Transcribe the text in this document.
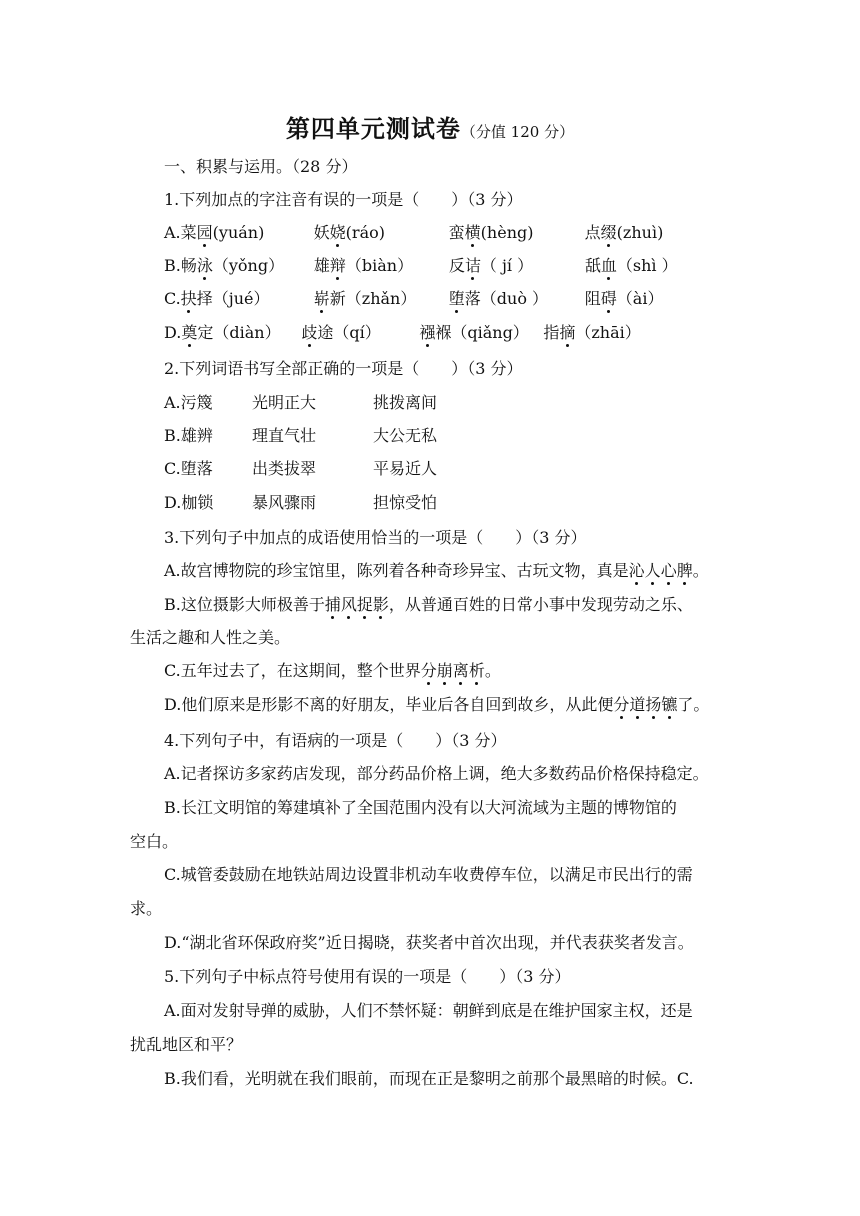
第四单元测试卷（分值 120 分）
一、积累与运用。（28 分）
1.下列加点的字注音有误的一项是（　　）（3 分）
A.菜园(yuán)	妖娆(ráo)	蛮横(hèng)	点缀(zhuì)
B.畅泳（yǒng） 雄辩（biàn） 反诘（ jí ）	舐血（shì ）
C.抉择（jué）	崭新（zhǎn） 堕落（duò ） 阻碍（ài）
D.奠定（diàn） 歧途（qí） 襁褓（qiǎng） 指摘（zhāi）
2.下列词语书写全部正确的一项是（　　）（3 分）
A.污篾 光明正大	挑拨离间
B.雄辨 理直气壮	大公无私
C.堕落 出类拔翠	平易近人
D.枷锁 暴风骤雨	担惊受怕
3.下列句子中加点的成语使用恰当的一项是（　　）（3 分）
A.故宫博物院的珍宝馆里，陈列着各种奇珍异宝、古玩文物，真是沁人心脾。
B.这位摄影大师极善于捕风捉影，从普通百姓的日常小事中发现劳动之乐、
生活之趣和人性之美。
C.五年过去了，在这期间，整个世界分崩离析。
D.他们原来是形影不离的好朋友，毕业后各自回到故乡，从此便分道扬镳了。
4.下列句子中，有语病的一项是（　　）（3 分）
A.记者探访多家药店发现，部分药品价格上调，绝大多数药品价格保持稳定。
B.长江文明馆的筹建填补了全国范围内没有以大河流域为主题的博物馆的
空白。
C.城管委鼓励在地铁站周边设置非机动车收费停车位，以满足市民出行的需
求。
D.“湖北省环保政府奖”近日揭晓，获奖者中首次出现，并代表获奖者发言。
5.下列句子中标点符号使用有误的一项是（　　）（3 分）
A.面对发射导弹的威胁，人们不禁怀疑：朝鲜到底是在维护国家主权，还是
扰乱地区和平？
B.我们看，光明就在我们眼前，而现在正是黎明之前那个最黑暗的时候。C.
